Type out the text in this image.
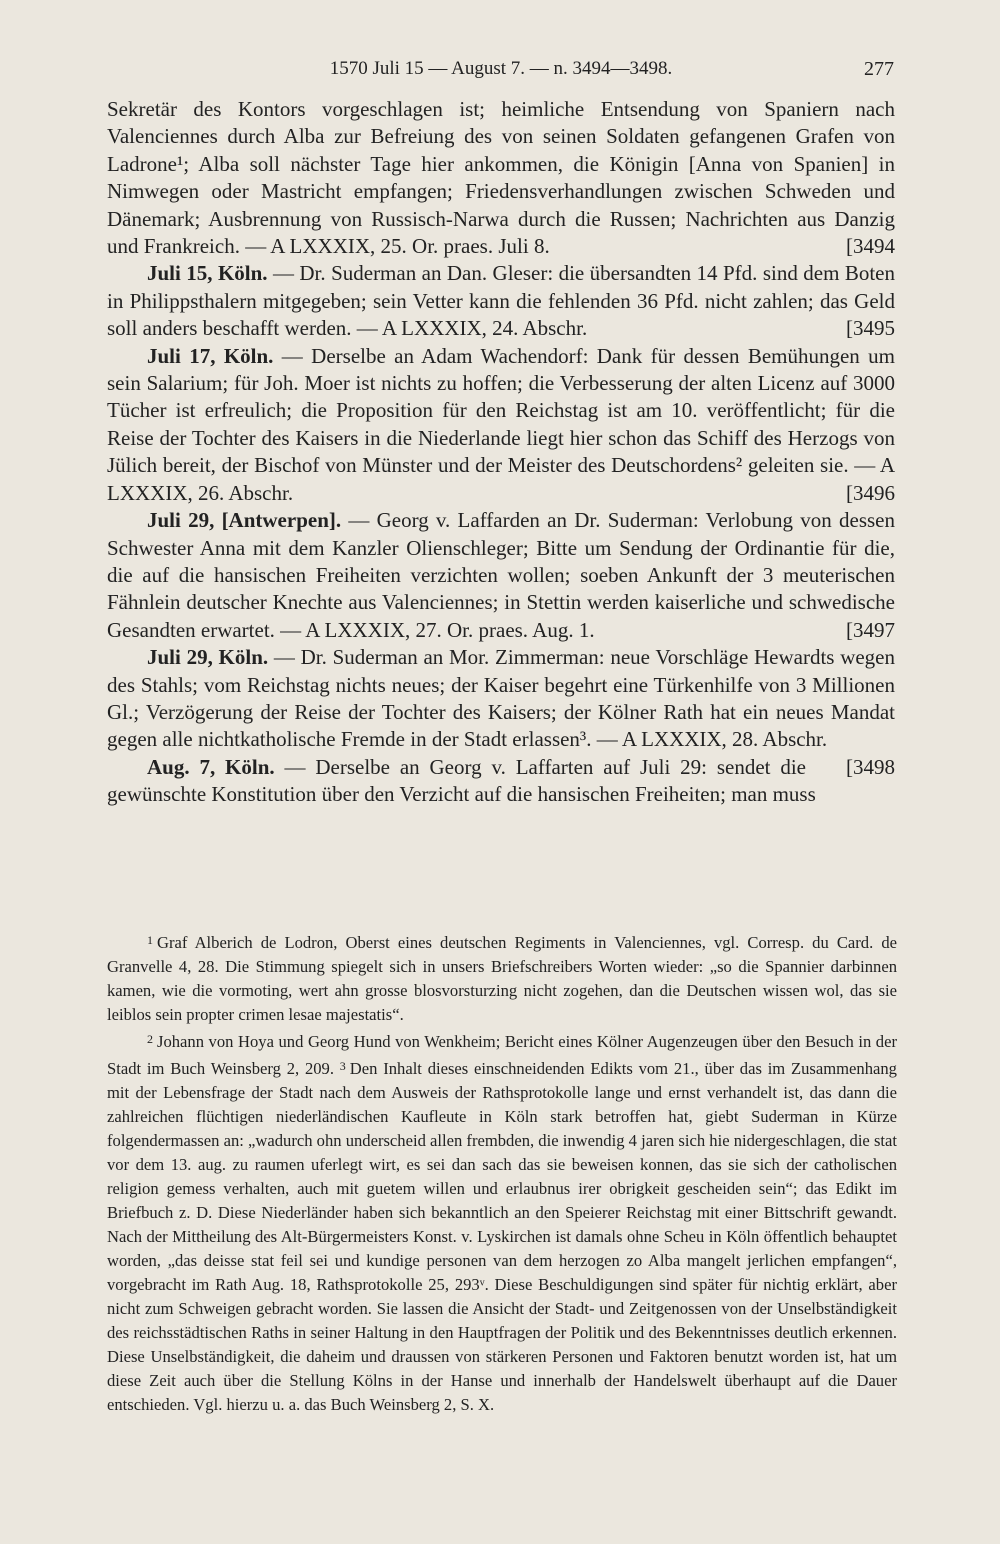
1570 Juli 15 — August 7. — n. 3494—3498.	277

Sekretär des Kontors vorgeschlagen ist; heimliche Entsendung von Spaniern nach Valenciennes durch Alba zur Befreiung des von seinen Soldaten gefangenen Grafen von Ladrone¹; Alba soll nächster Tage hier ankommen, die Königin [Anna von Spanien] in Nimwegen oder Mastricht empfangen; Friedensverhandlungen zwischen Schweden und Dänemark; Ausbrennung von Russisch-Narwa durch die Russen; Nachrichten aus Danzig und Frankreich. — A LXXXIX, 25. Or. praes. Juli 8.	[3494

Juli 15, Köln. — Dr. Suderman an Dan. Gleser: die übersandten 14 Pfd. sind dem Boten in Philippsthalern mitgegeben; sein Vetter kann die fehlenden 36 Pfd. nicht zahlen; das Geld soll anders beschafft werden. — A LXXXIX, 24. Abschr.	[3495

Juli 17, Köln. — Derselbe an Adam Wachendorf: Dank für dessen Bemühungen um sein Salarium; für Joh. Moer ist nichts zu hoffen; die Verbesserung der alten Licenz auf 3000 Tücher ist erfreulich; die Proposition für den Reichstag ist am 10. veröffentlicht; für die Reise der Tochter des Kaisers in die Niederlande liegt hier schon das Schiff des Herzogs von Jülich bereit, der Bischof von Münster und der Meister des Deutschordens² geleiten sie. — A LXXXIX, 26. Abschr.	[3496

Juli 29, [Antwerpen]. — Georg v. Laffarden an Dr. Suderman: Verlobung von dessen Schwester Anna mit dem Kanzler Olienschleger; Bitte um Sendung der Ordinantie für die, die auf die hansischen Freiheiten verzichten wollen; soeben Ankunft der 3 meuterischen Fähnlein deutscher Knechte aus Valenciennes; in Stettin werden kaiserliche und schwedische Gesandten erwartet. — A LXXXIX, 27. Or. praes. Aug. 1.	[3497

Juli 29, Köln. — Dr. Suderman an Mor. Zimmerman: neue Vorschläge Hewardts wegen des Stahls; vom Reichstag nichts neues; der Kaiser begehrt eine Türkenhilfe von 3 Millionen Gl.; Verzögerung der Reise der Tochter des Kaisers; der Kölner Rath hat ein neues Mandat gegen alle nichtkatholische Fremde in der Stadt erlassen³. — A LXXXIX, 28. Abschr.
[3498

Aug. 7, Köln. — Derselbe an Georg v. Laffarten auf Juli 29: sendet die gewünschte Konstitution über den Verzicht auf die hansischen Freiheiten; man muss

$^1$ Graf Alberich de Lodron, Oberst eines deutschen Regiments in Valenciennes, vgl. Corresp. du Card. de Granvelle 4, 28. Die Stimmung spiegelt sich in unsers Briefschreibers Worten wieder: „so die Spannier darbinnen kamen, wie die vormoting, wert ahn grosse blosvorsturzing nicht zogehen, dan die Deutschen wissen wol, das sie leiblos sein propter crimen lesae majestatis“.

$^2$ Johann von Hoya und Georg Hund von Wenkheim; Bericht eines Kölner Augenzeugen über den Besuch in der Stadt im Buch Weinsberg 2, 209. $^3$ Den Inhalt dieses einschneidenden Edikts vom 21., über das im Zusammenhang mit der Lebensfrage der Stadt nach dem Ausweis der Rathsprotokolle lange und ernst verhandelt ist, das dann die zahlreichen flüchtigen niederländischen Kaufleute in Köln stark betroffen hat, giebt Suderman in Kürze folgendermassen an: „wadurch ohn underscheid allen frembden, die inwendig 4 jaren sich hie nidergeschlagen, die stat vor dem 13. aug. zu raumen uferlegt wirt, es sei dan sach das sie beweisen konnen, das sie sich der catholischen religion gemess verhalten, auch mit guetem willen und erlaubnus irer obrigkeit gescheiden sein“; das Edikt im Briefbuch z. D. Diese Niederländer haben sich bekanntlich an den Speierer Reichstag mit einer Bittschrift gewandt. Nach der Mittheilung des Alt-Bürgermeisters Konst. v. Lyskirchen ist damals ohne Scheu in Köln öffentlich behauptet worden, „das deisse stat feil sei und kundige personen van dem herzogen zo Alba mangelt jerlichen empfangen“, vorgebracht im Rath Aug. 18, Rathsprotokolle 25, 293ᵛ. Diese Beschuldigungen sind später für nichtig erklärt, aber nicht zum Schweigen gebracht worden. Sie lassen die Ansicht der Stadt- und Zeitgenossen von der Unselbständigkeit des reichsstädtischen Raths in seiner Haltung in den Hauptfragen der Politik und des Bekenntnisses deutlich erkennen. Diese Unselbständigkeit, die daheim und draussen von stärkeren Personen und Faktoren benutzt worden ist, hat um diese Zeit auch über die Stellung Kölns in der Hanse und innerhalb der Handelswelt überhaupt auf die Dauer entschieden. Vgl. hierzu u. a. das Buch Weinsberg 2, S. X.
